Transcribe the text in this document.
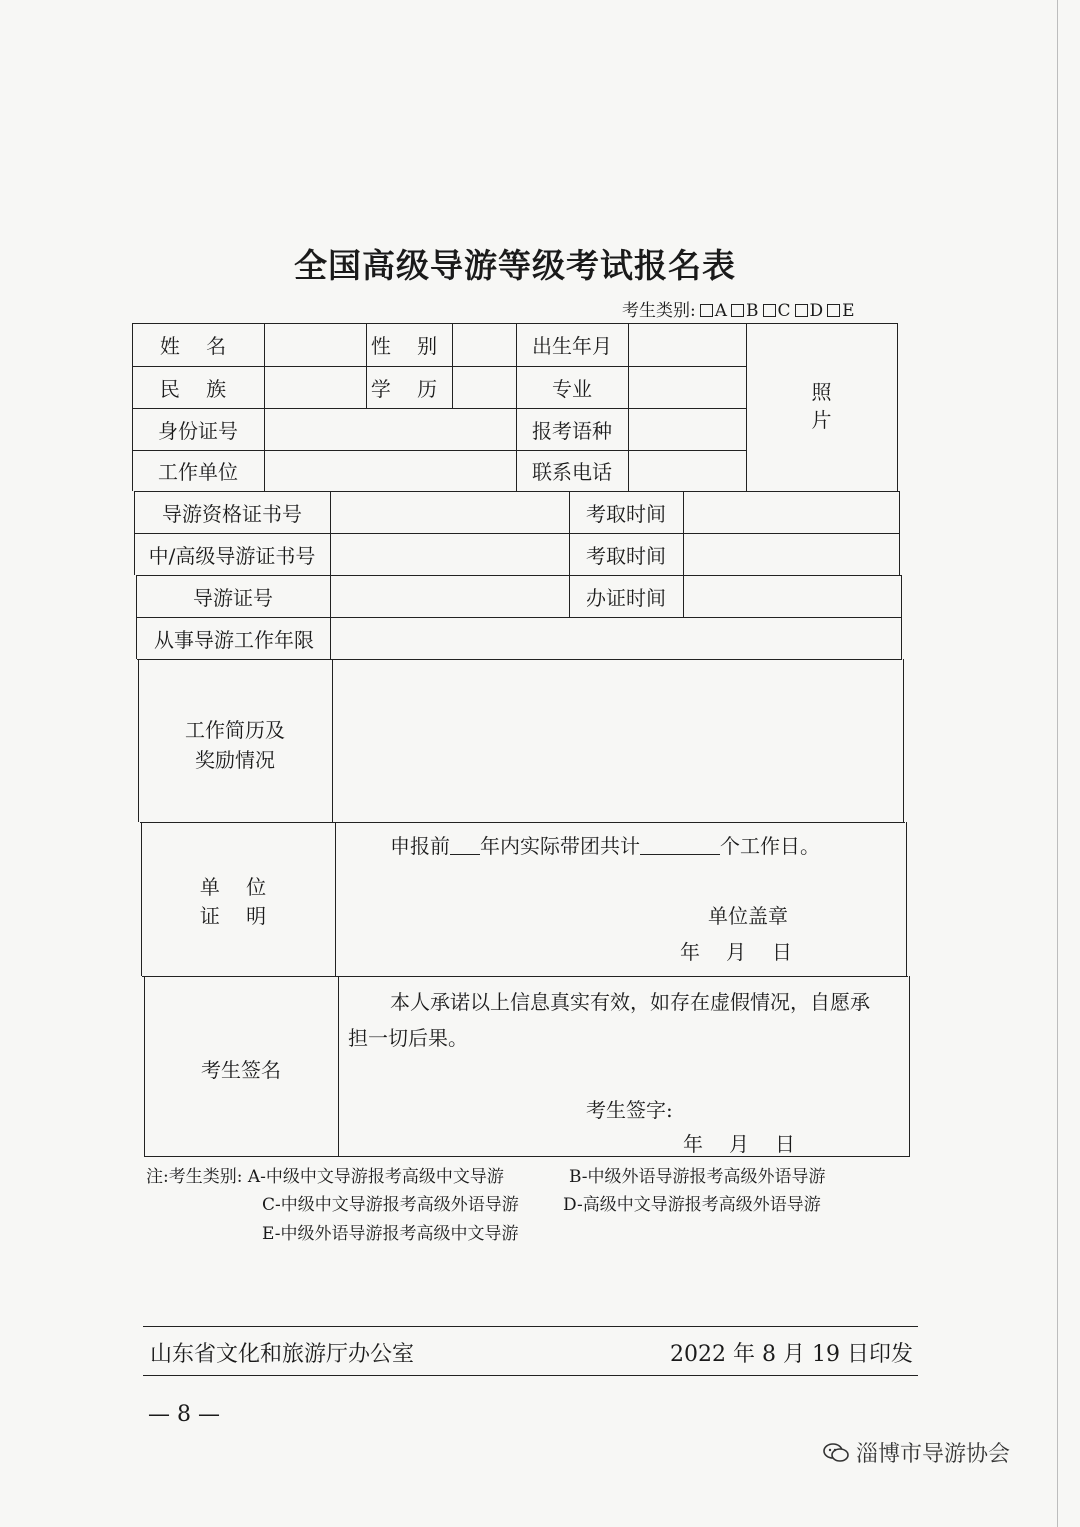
全国高级导游等级考试报名表
考生类别: A B C D E
姓 名	性 别	出生年月
民 族	学 历	专业	照
片
身份证号	报考语种
工作单位	联系电话
导游资格证书号	考取时间
中/高级导游证书号	考取时间
导游证号	办证时间
从事导游工作年限
工作简历及
奖励情况
单 位
证 明
申报前 年内实际带团共计	个工作日。
单位盖章
年 月 日
考生签名
本人承诺以上信息真实有效，如存在虚假情况，自愿承
担一切后果。
考生签字:
年 月 日
注:考生类别: A-中级中文导游报考高级中文导游	B-中级外语导游报考高级外语导游
C-中级中文导游报考高级外语导游	D-高级中文导游报考高级外语导游
E-中级外语导游报考高级中文导游
山东省文化和旅游厅办公室	2022 年 8 月 19 日印发
— 8 —
淄博市导游协会
